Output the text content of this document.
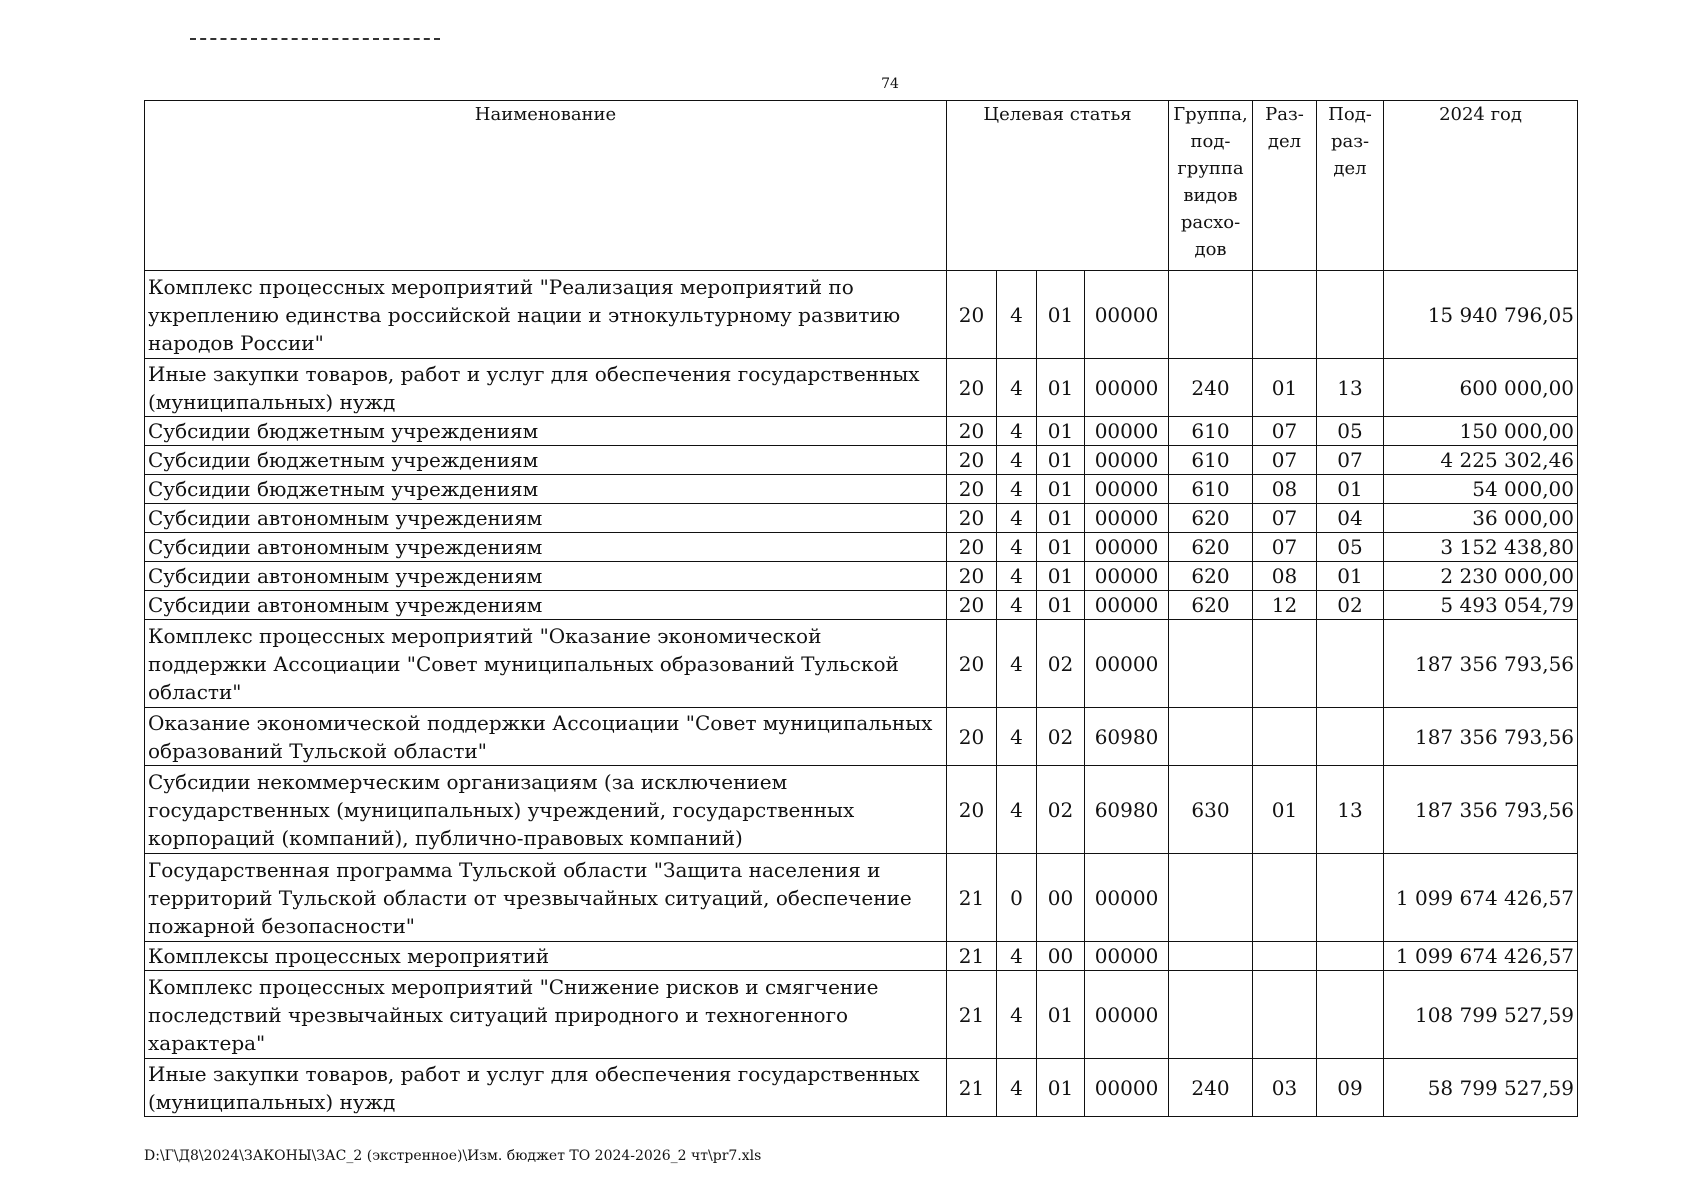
74
Наименование	Целевая статья				Группа, под-группа видов расхо-дов	Раз-дел	Под-раз-дел	2024 год
Комплекс процессных мероприятий "Реализация мероприятий по укреплению единства российской нации и этнокультурному развитию народов России"	20	4	01	00000				15 940 796,05
Иные закупки товаров, работ и услуг для обеспечения государственных (муниципальных) нужд	20	4	01	00000	240	01	13	600 000,00
Субсидии бюджетным учреждениям	20	4	01	00000	610	07	05	150 000,00
Субсидии бюджетным учреждениям	20	4	01	00000	610	07	07	4 225 302,46
Субсидии бюджетным учреждениям	20	4	01	00000	610	08	01	54 000,00
Субсидии автономным учреждениям	20	4	01	00000	620	07	04	36 000,00
Субсидии автономным учреждениям	20	4	01	00000	620	07	05	3 152 438,80
Субсидии автономным учреждениям	20	4	01	00000	620	08	01	2 230 000,00
Субсидии автономным учреждениям	20	4	01	00000	620	12	02	5 493 054,79
Комплекс процессных мероприятий "Оказание экономической поддержки Ассоциации "Совет муниципальных образований Тульской области"	20	4	02	00000				187 356 793,56
Оказание экономической поддержки Ассоциации "Совет муниципальных образований Тульской области"	20	4	02	60980				187 356 793,56
Субсидии некоммерческим организациям (за исключением государственных (муниципальных) учреждений, государственных корпораций (компаний), публично-правовых компаний)	20	4	02	60980	630	01	13	187 356 793,56
Государственная программа Тульской области "Защита населения и территорий Тульской области от чрезвычайных ситуаций, обеспечение пожарной безопасности"	21	0	00	00000				1 099 674 426,57
Комплексы процессных мероприятий	21	4	00	00000				1 099 674 426,57
Комплекс процессных мероприятий "Снижение рисков и смягчение последствий чрезвычайных ситуаций природного и техногенного характера"	21	4	01	00000				108 799 527,59
Иные закупки товаров, работ и услуг для обеспечения государственных (муниципальных) нужд	21	4	01	00000	240	03	09	58 799 527,59
D:\Г\Д8\2024\ЗАКОНЫ\ЗАС_2 (экстренное)\Изм. бюджет ТО 2024-2026_2 чт\pr7.xls
